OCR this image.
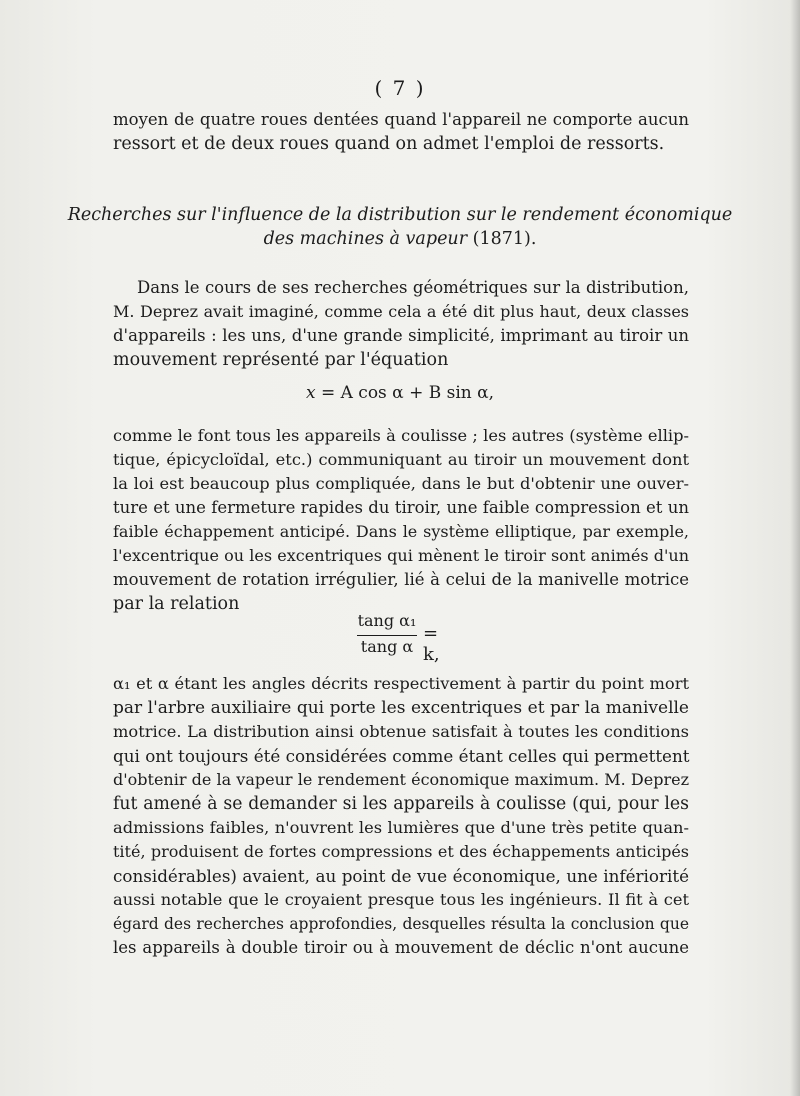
( 7 )
moyen de quatre roues dentées quand l'appareil ne comporte aucun
ressort et de deux roues quand on admet l'emploi de ressorts.
Recherches sur l'influence de la distribution sur le rendement économique
des machines à vapeur (1871).
Dans le cours de ses recherches géométriques sur la distribution,
M. Deprez avait imaginé, comme cela a été dit plus haut, deux classes
d'appareils : les uns, d'une grande simplicité, imprimant au tiroir un
mouvement représenté par l'équation
x = A cos α + B sin α,
comme le font tous les appareils à coulisse ; les autres (système ellip-
tique, épicycloïdal, etc.) communiquant au tiroir un mouvement dont
la loi est beaucoup plus compliquée, dans le but d'obtenir une ouver-
ture et une fermeture rapides du tiroir, une faible compression et un
faible échappement anticipé. Dans le système elliptique, par exemple,
l'excentrique ou les excentriques qui mènent le tiroir sont animés d'un
mouvement de rotation irrégulier, lié à celui de la manivelle motrice
par la relation
tang α₁
tang α
= k,
α₁ et α étant les angles décrits respectivement à partir du point mort
par l'arbre auxiliaire qui porte les excentriques et par la manivelle
motrice. La distribution ainsi obtenue satisfait à toutes les conditions
qui ont toujours été considérées comme étant celles qui permettent
d'obtenir de la vapeur le rendement économique maximum. M. Deprez
fut amené à se demander si les appareils à coulisse (qui, pour les
admissions faibles, n'ouvrent les lumières que d'une très petite quan-
tité, produisent de fortes compressions et des échappements anticipés
considérables) avaient, au point de vue économique, une infériorité
aussi notable que le croyaient presque tous les ingénieurs. Il fit à cet
égard des recherches approfondies, desquelles résulta la conclusion que
les appareils à double tiroir ou à mouvement de déclic n'ont aucune
